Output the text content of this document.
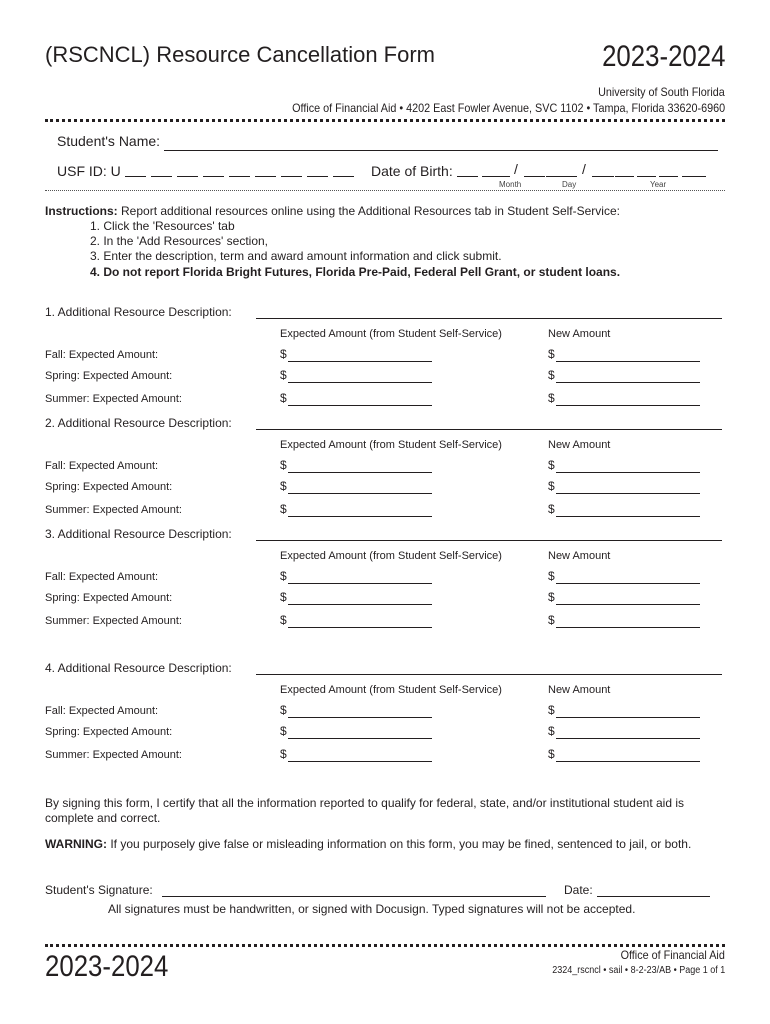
(RSCNCL) Resource Cancellation Form	2023-2024
University of South Florida
Office of Financial Aid • 4202 East Fowler Avenue, SVC 1102 • Tampa, Florida 33620-6960
Student's Name:
USF ID: U	Date of Birth:	/	/
Month	Day	Year
Instructions: Report additional resources online using the Additional Resources tab in Student Self-Service:
1. Click the 'Resources' tab
2. In the 'Add Resources' section,
3. Enter the description, term and award amount information and click submit.
4. Do not report Florida Bright Futures, Florida Pre-Paid, Federal Pell Grant, or student loans.
1. Additional Resource Description:
Expected Amount (from Student Self-Service)	New Amount
Fall: Expected Amount:	$	$
Spring: Expected Amount:	$	$
Summer: Expected Amount:	$	$
2. Additional Resource Description:
Expected Amount (from Student Self-Service)	New Amount
Fall: Expected Amount:	$	$
Spring: Expected Amount:	$	$
Summer: Expected Amount:	$	$
3. Additional Resource Description:
Expected Amount (from Student Self-Service)	New Amount
Fall: Expected Amount:	$	$
Spring: Expected Amount:	$	$
Summer: Expected Amount:	$	$
4. Additional Resource Description:
Expected Amount (from Student Self-Service)	New Amount
Fall: Expected Amount:	$	$
Spring: Expected Amount:	$	$
Summer: Expected Amount:	$	$
By signing this form, I certify that all the information reported to qualify for federal, state, and/or institutional student aid is
complete and correct.
WARNING: If you purposely give false or misleading information on this form, you may be fined, sentenced to jail, or both.
Student's Signature:	Date:
All signatures must be handwritten, or signed with Docusign. Typed signatures will not be accepted.
2023-2024	Office of Financial Aid
2324_rscncl • sail • 8-2-23/AB • Page 1 of 1
